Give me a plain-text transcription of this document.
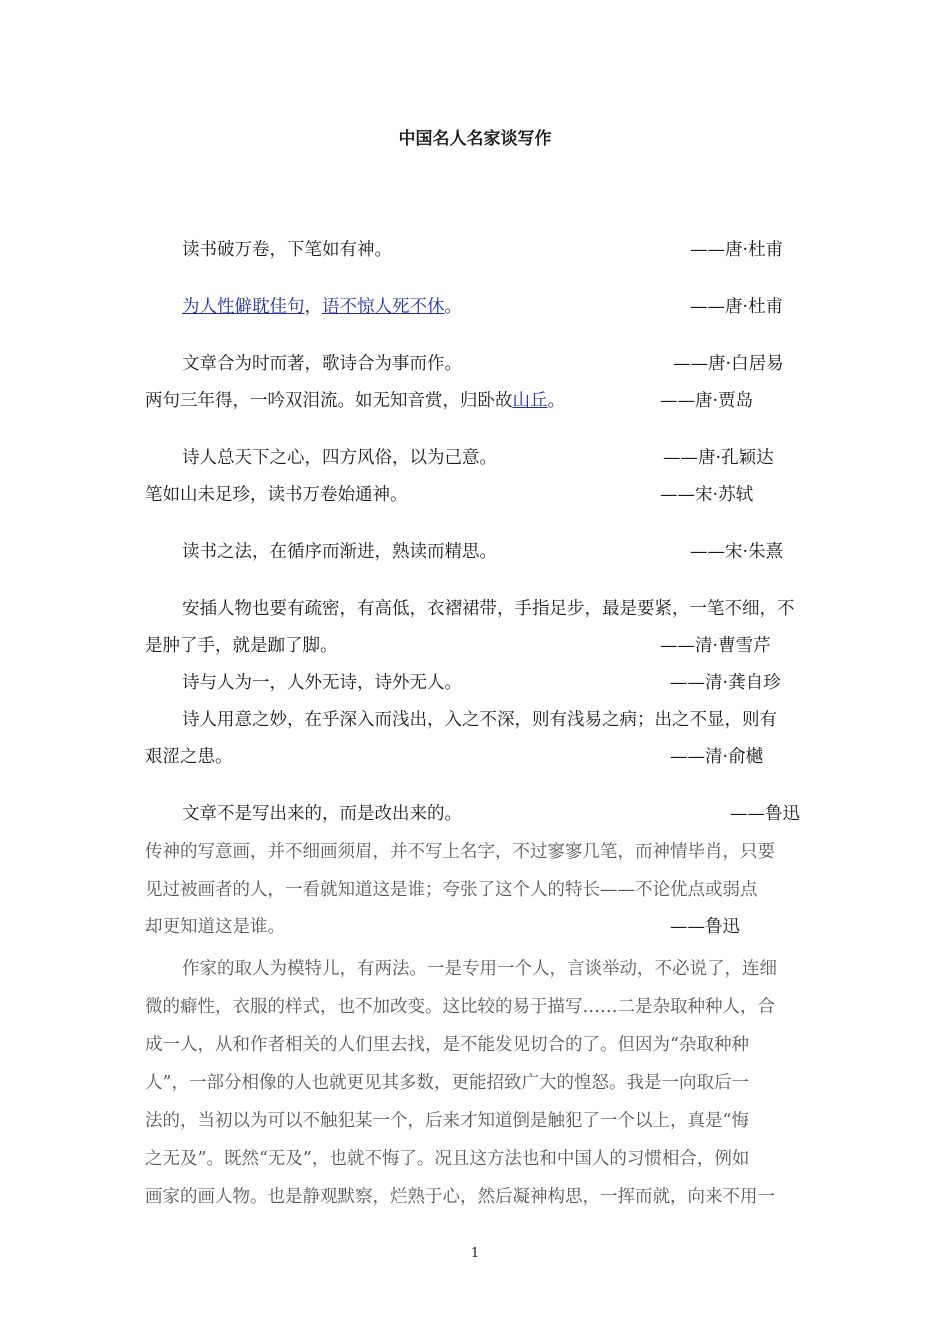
中国名人名家谈写作
读书破万卷，下笔如有神。	——唐·杜甫
为人性僻耽佳句，语不惊人死不休。	——唐·杜甫
文章合为时而著，歌诗合为事而作。	——唐·白居易
两句三年得，一吟双泪流。如无知音赏，归卧故山丘。	——唐·贾岛
诗人总天下之心，四方风俗，以为己意。	——唐·孔颖达
笔如山未足珍，读书万卷始通神。	——宋·苏轼
读书之法，在循序而渐进，熟读而精思。	——宋·朱熹
安插人物也要有疏密，有高低，衣褶裙带，手指足步，最是要紧，一笔不细，不
是肿了手，就是跏了脚。	——清·曹雪芹
诗与人为一，人外无诗，诗外无人。	——清·龚自珍
诗人用意之妙，在乎深入而浅出，入之不深，则有浅易之病；出之不显，则有
艰涩之患。	——清·俞樾
文章不是写出来的，而是改出来的。	——鲁迅
传神的写意画，并不细画须眉，并不写上名字，不过寥寥几笔，而神情毕肖，只要
见过被画者的人，一看就知道这是谁；夸张了这个人的特长——不论优点或弱点
却更知道这是谁。	——鲁迅
作家的取人为模特儿，有两法。一是专用一个人，言谈举动，不必说了，连细
微的癖性，衣服的样式，也不加改变。这比较的易于描写……二是杂取种种人，合
成一人，从和作者相关的人们里去找，是不能发见切合的了。但因为“杂取种种
人”，一部分相像的人也就更见其多数，更能招致广大的惶怒。我是一向取后一
法的，当初以为可以不触犯某一个，后来才知道倒是触犯了一个以上，真是“悔
之无及”。既然“无及”，也就不悔了。况且这方法也和中国人的习惯相合，例如
画家的画人物。也是静观默察，烂熟于心，然后凝神构思，一挥而就，向来不用一
1
